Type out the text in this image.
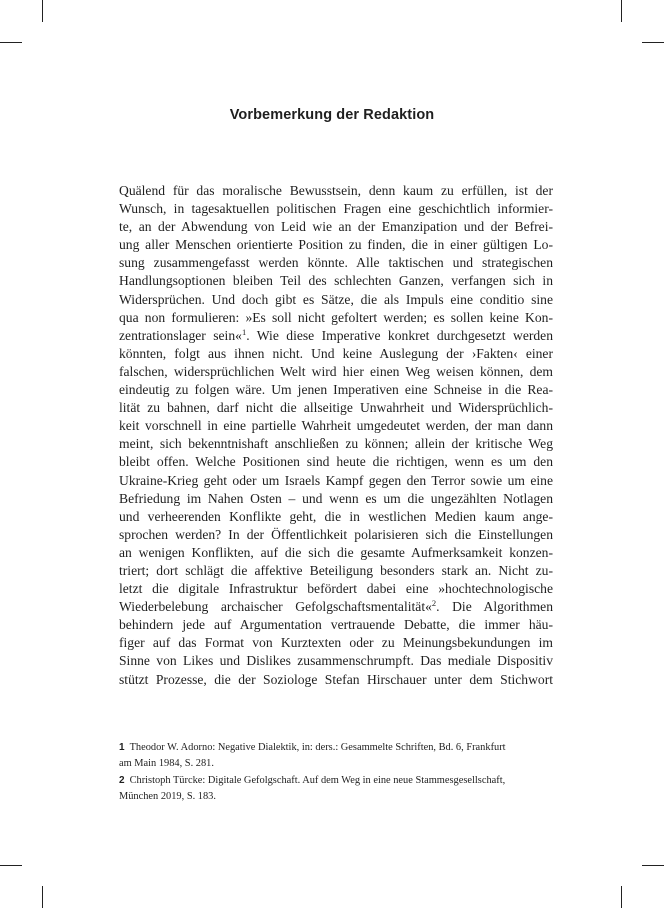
Vorbemerkung der Redaktion
Quälend für das moralische Bewusstsein, denn kaum zu erfüllen, ist der
Wunsch, in tagesaktuellen politischen Fragen eine geschichtlich informier-
te, an der Abwendung von Leid wie an der Emanzipation und der Befrei-
ung aller Menschen orientierte Position zu finden, die in einer gültigen Lo-
sung zusammengefasst werden könnte. Alle taktischen und strategischen
Handlungsoptionen bleiben Teil des schlechten Ganzen, verfangen sich in
Widersprüchen. Und doch gibt es Sätze, die als Impuls eine conditio sine
qua non formulieren: »Es soll nicht gefoltert werden; es sollen keine Kon-
zentrationslager sein«$^1$. Wie diese Imperative konkret durchgesetzt werden
könnten, folgt aus ihnen nicht. Und keine Auslegung der ›Fakten‹ einer
falschen, widersprüchlichen Welt wird hier einen Weg weisen können, dem
eindeutig zu folgen wäre. Um jenen Imperativen eine Schneise in die Rea-
lität zu bahnen, darf nicht die allseitige Unwahrheit und Widersprüchlich-
keit vorschnell in eine partielle Wahrheit umgedeutet werden, der man dann
meint, sich bekenntnishaft anschließen zu können; allein der kritische Weg
bleibt offen. Welche Positionen sind heute die richtigen, wenn es um den
Ukraine-Krieg geht oder um Israels Kampf gegen den Terror sowie um eine
Befriedung im Nahen Osten – und wenn es um die ungezählten Notlagen
und verheerenden Konflikte geht, die in westlichen Medien kaum ange-
sprochen werden? In der Öffentlichkeit polarisieren sich die Einstellungen
an wenigen Konflikten, auf die sich die gesamte Aufmerksamkeit konzen-
triert; dort schlägt die affektive Beteiligung besonders stark an. Nicht zu-
letzt die digitale Infrastruktur befördert dabei eine »hochtechnologische
Wiederbelebung archaischer Gefolgschaftsmentalität«$^2$. Die Algorithmen
behindern jede auf Argumentation vertrauende Debatte, die immer häu-
figer auf das Format von Kurztexten oder zu Meinungsbekundungen im
Sinne von Likes und Dislikes zusammenschrumpft. Das mediale Dispositiv
stützt Prozesse, die der Soziologe Stefan Hirschauer unter dem Stichwort
1 Theodor W. Adorno: Negative Dialektik, in: ders.: Gesammelte Schriften, Bd. 6, Frankfurt
am Main 1984, S. 281.
2 Christoph Türcke: Digitale Gefolgschaft. Auf dem Weg in eine neue Stammesgesellschaft,
München 2019, S. 183.
